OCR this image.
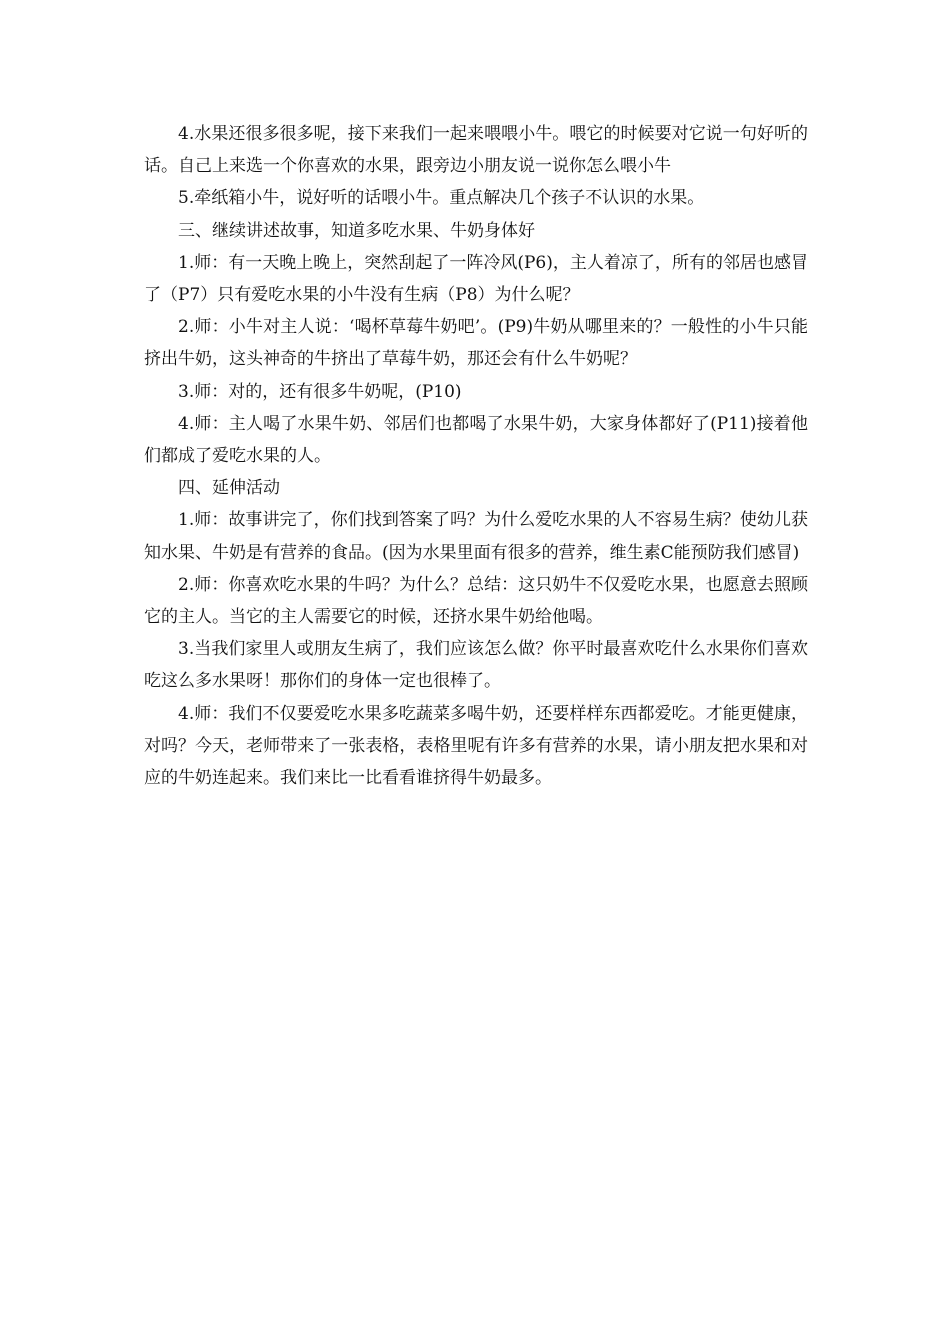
4.水果还很多很多呢，接下来我们一起来喂喂小牛。喂它的时候要对它说一句好听的话。自己上来选一个你喜欢的水果，跟旁边小朋友说一说你怎么喂小牛

5.牵纸箱小牛，说好听的话喂小牛。重点解决几个孩子不认识的水果。

三、继续讲述故事，知道多吃水果、牛奶身体好

1.师：有一天晚上晚上，突然刮起了一阵冷风(P6)，主人着凉了，所有的邻居也感冒了（P7）只有爱吃水果的小牛没有生病（P8）为什么呢？

2.师：小牛对主人说：‘喝杯草莓牛奶吧’。(P9)牛奶从哪里来的？一般性的小牛只能挤出牛奶，这头神奇的牛挤出了草莓牛奶，那还会有什么牛奶呢？

3.师：对的，还有很多牛奶呢，(P10)

4.师：主人喝了水果牛奶、邻居们也都喝了水果牛奶，大家身体都好了(P11)接着他们都成了爱吃水果的人。

四、延伸活动

1.师：故事讲完了，你们找到答案了吗？为什么爱吃水果的人不容易生病？使幼儿获知水果、牛奶是有营养的食品。(因为水果里面有很多的营养，维生素C能预防我们感冒)

2.师：你喜欢吃水果的牛吗？为什么？总结：这只奶牛不仅爱吃水果，也愿意去照顾它的主人。当它的主人需要它的时候，还挤水果牛奶给他喝。

3.当我们家里人或朋友生病了，我们应该怎么做？你平时最喜欢吃什么水果你们喜欢吃这么多水果呀！那你们的身体一定也很棒了。

4.师：我们不仅要爱吃水果多吃蔬菜多喝牛奶，还要样样东西都爱吃。才能更健康，对吗？今天，老师带来了一张表格，表格里呢有许多有营养的水果，请小朋友把水果和对应的牛奶连起来。我们来比一比看看谁挤得牛奶最多。
